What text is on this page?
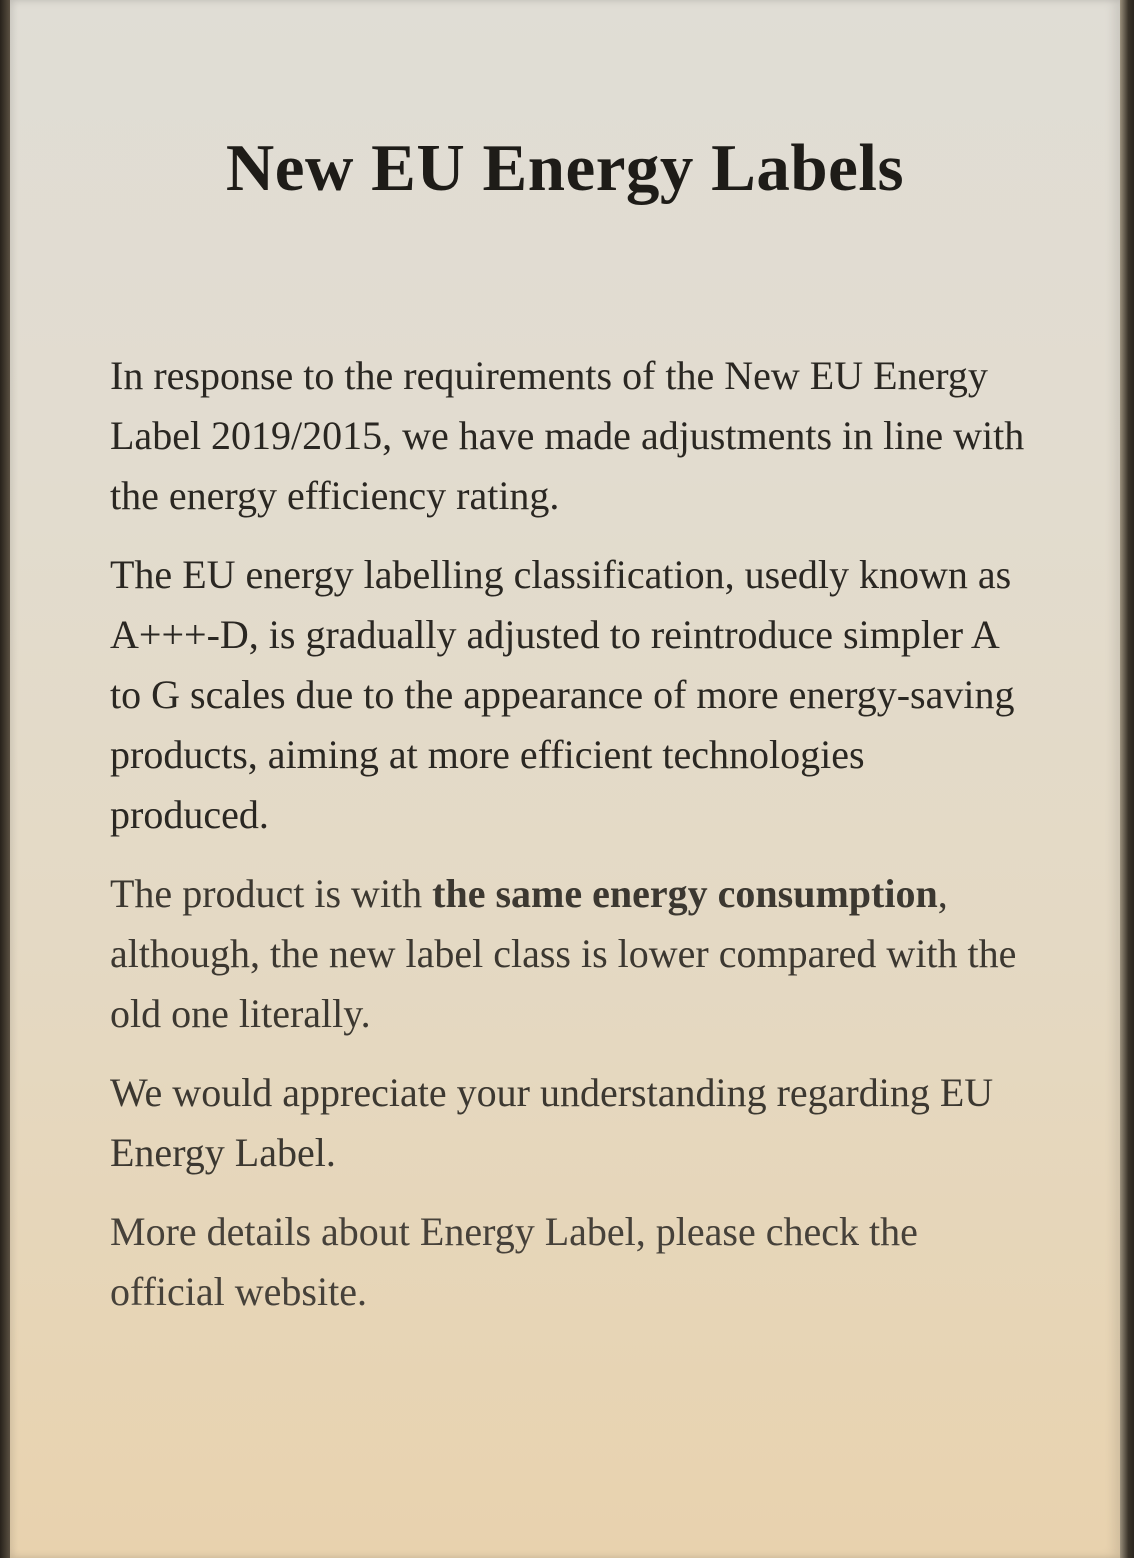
New EU Energy Labels

In response to the requirements of the New EU Energy Label 2019/2015, we have made adjustments in line with the energy efficiency rating.

The EU energy labelling classification, usedly known as A+++-D, is gradually adjusted to reintroduce simpler A to G scales due to the appearance of more energy-saving products, aiming at more efficient technologies produced.

The product is with the same energy consumption, although, the new label class is lower compared with the old one literally.

We would appreciate your understanding regarding EU Energy Label.

More details about Energy Label, please check the official website.
